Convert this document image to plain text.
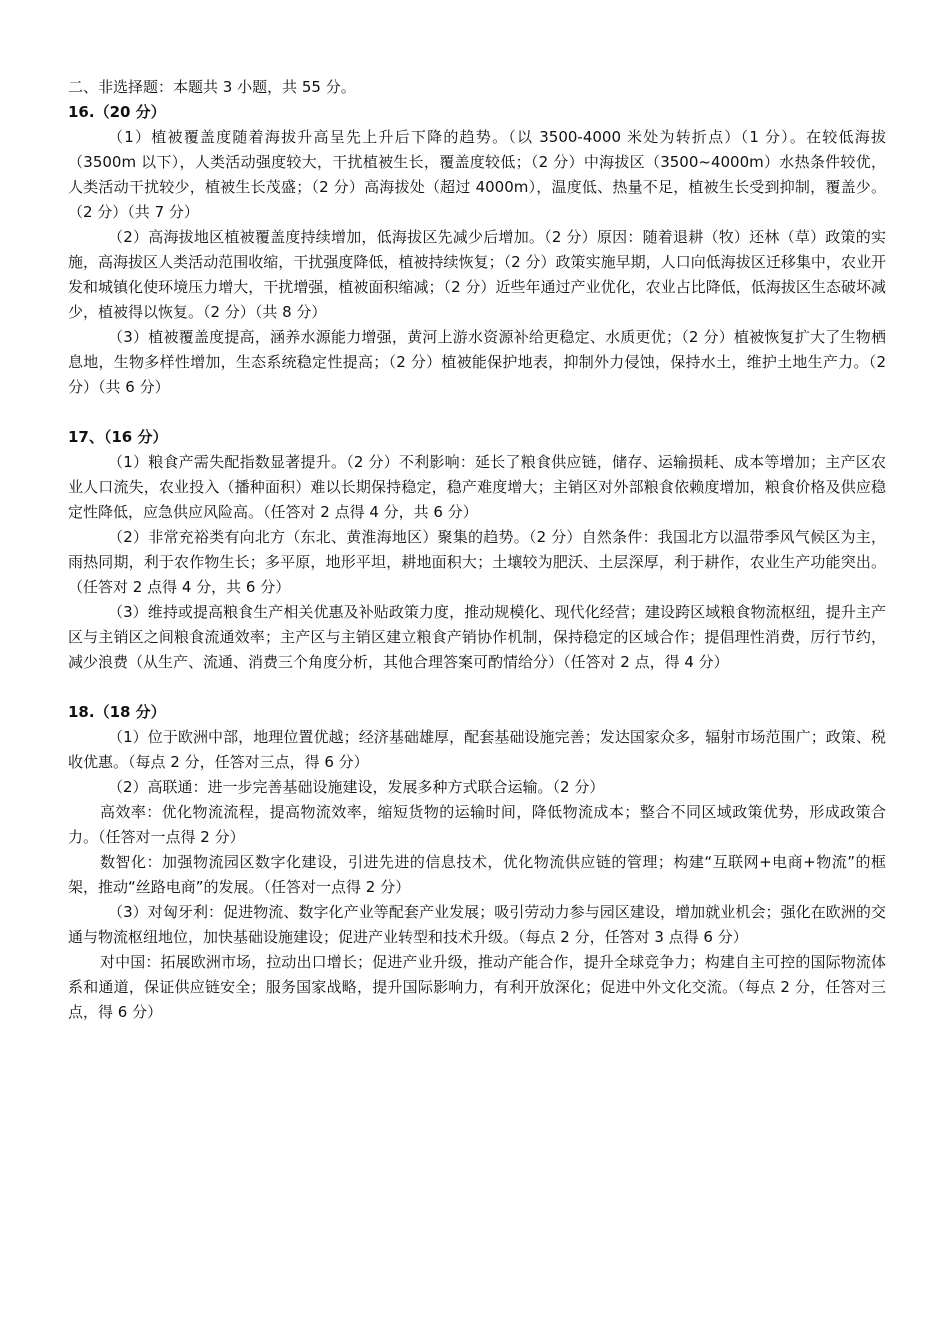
二、非选择题：本题共 3 小题，共 55 分。

16.（20 分）

（1）植被覆盖度随着海拔升高呈先上升后下降的趋势。（以 3500-4000 米处为转折点）（1 分）。在较低海拔（3500m 以下），人类活动强度较大，干扰植被生长，覆盖度较低；（2 分）中海拔区（3500~4000m）水热条件较优，人类活动干扰较少，植被生长茂盛；（2 分）高海拔处（超过 4000m），温度低、热量不足，植被生长受到抑制，覆盖少。（2 分）（共 7 分）

（2）高海拔地区植被覆盖度持续增加，低海拔区先减少后增加。（2 分）原因：随着退耕（牧）还林（草）政策的实施，高海拔区人类活动范围收缩，干扰强度降低，植被持续恢复；（2 分）政策实施早期，人口向低海拔区迁移集中，农业开发和城镇化使环境压力增大，干扰增强，植被面积缩减；（2 分）近些年通过产业优化，农业占比降低，低海拔区生态破坏减少，植被得以恢复。（2 分）（共 8 分）

（3）植被覆盖度提高，涵养水源能力增强，黄河上游水资源补给更稳定、水质更优；（2 分）植被恢复扩大了生物栖息地，生物多样性增加，生态系统稳定性提高；（2 分）植被能保护地表，抑制外力侵蚀，保持水土，维护土地生产力。（2 分）（共 6 分）

17、（16 分）

（1）粮食产需失配指数显著提升。（2 分）不利影响：延长了粮食供应链，储存、运输损耗、成本等增加；主产区农业人口流失，农业投入（播种面积）难以长期保持稳定，稳产难度增大；主销区对外部粮食依赖度增加，粮食价格及供应稳定性降低，应急供应风险高。（任答对 2 点得 4 分，共 6 分）

（2）非常充裕类有向北方（东北、黄淮海地区）聚集的趋势。（2 分）自然条件：我国北方以温带季风气候区为主，雨热同期，利于农作物生长；多平原，地形平坦，耕地面积大；土壤较为肥沃、土层深厚，利于耕作，农业生产功能突出。（任答对 2 点得 4 分，共 6 分）

（3）维持或提高粮食生产相关优惠及补贴政策力度，推动规模化、现代化经营；建设跨区域粮食物流枢纽，提升主产区与主销区之间粮食流通效率；主产区与主销区建立粮食产销协作机制，保持稳定的区域合作；提倡理性消费，厉行节约，减少浪费（从生产、流通、消费三个角度分析，其他合理答案可酌情给分）（任答对 2 点，得 4 分）

18.（18 分）

（1）位于欧洲中部，地理位置优越；经济基础雄厚，配套基础设施完善；发达国家众多，辐射市场范围广；政策、税收优惠。（每点 2 分，任答对三点，得 6 分）

（2）高联通：进一步完善基础设施建设，发展多种方式联合运输。（2 分）

高效率：优化物流流程，提高物流效率，缩短货物的运输时间，降低物流成本；整合不同区域政策优势，形成政策合力。（任答对一点得 2 分）

数智化：加强物流园区数字化建设，引进先进的信息技术，优化物流供应链的管理；构建“互联网+电商+物流”的框架，推动“丝路电商”的发展。（任答对一点得 2 分）

（3）对匈牙利：促进物流、数字化产业等配套产业发展；吸引劳动力参与园区建设，增加就业机会；强化在欧洲的交通与物流枢纽地位，加快基础设施建设；促进产业转型和技术升级。（每点 2 分，任答对 3 点得 6 分）

对中国：拓展欧洲市场，拉动出口增长；促进产业升级，推动产能合作，提升全球竞争力；构建自主可控的国际物流体系和通道，保证供应链安全；服务国家战略，提升国际影响力，有利开放深化；促进中外文化交流。（每点 2 分，任答对三点，得 6 分）
